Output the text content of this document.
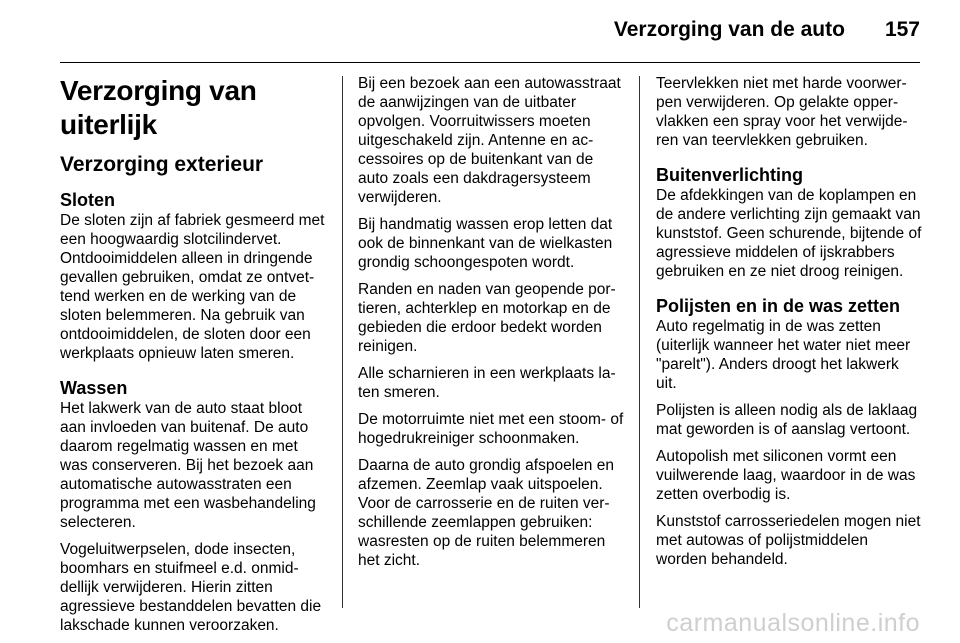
Verzorging van de auto 157
Verzorging van uiterlijk
Verzorging exterieur
Sloten

De sloten zijn af fabriek gesmeerd met een hoogwaardig slotcilindervet. Ontdooimiddelen alleen in dringende gevallen gebruiken, omdat ze ontvettend werken en de werking van de sloten belemmeren. Na gebruik van ontdooimiddelen, de sloten door een werkplaats opnieuw laten smeren.

Wassen

Het lakwerk van de auto staat bloot aan invloeden van buitenaf. De auto daarom regelmatig wassen en met was conserveren. Bij het bezoek aan automatische autowasstraten een programma met een wasbehandeling selecteren.

Vogeluitwerpselen, dode insecten, boomhars en stuifmeel e.d. onmiddellijk verwijderen. Hierin zitten agressieve bestanddelen bevatten die lakschade kunnen veroorzaken.

Bij een bezoek aan een autowasstraat de aanwijzingen van de uitbater opvolgen. Voorruitwissers moeten uitgeschakeld zijn. Antenne en accessoires op de buitenkant van de auto zoals een dakdragersysteem verwijderen.

Bij handmatig wassen erop letten dat ook de binnenkant van de wielkasten grondig schoongespoten wordt.

Randen en naden van geopende portieren, achterklep en motorkap en de gebieden die erdoor bedekt worden reinigen.

Alle scharnieren in een werkplaats laten smeren.

De motorruimte niet met een stoom- of hogedrukreiniger schoonmaken.

Daarna de auto grondig afspoelen en afzemen. Zeemlap vaak uitspoelen. Voor de carrosserie en de ruiten verschillende zeemlappen gebruiken: wasresten op de ruiten belemmeren het zicht.

Teervlekken niet met harde voorwerpen verwijderen. Op gelakte oppervlakken een spray voor het verwijderen van teervlekken gebruiken.

Buitenverlichting

De afdekkingen van de koplampen en de andere verlichting zijn gemaakt van kunststof. Geen schurende, bijtende of agressieve middelen of ijskrabbers gebruiken en ze niet droog reinigen.

Polijsten en in de was zetten

Auto regelmatig in de was zetten (uiterlijk wanneer het water niet meer "parelt"). Anders droogt het lakwerk uit.

Polijsten is alleen nodig als de laklaag mat geworden is of aanslag vertoont.

Autopolish met siliconen vormt een vuilwerende laag, waardoor in de was zetten overbodig is.

Kunststof carrosseriedelen mogen niet met autowas of polijstmiddelen worden behandeld.

carmanualsonline.info
